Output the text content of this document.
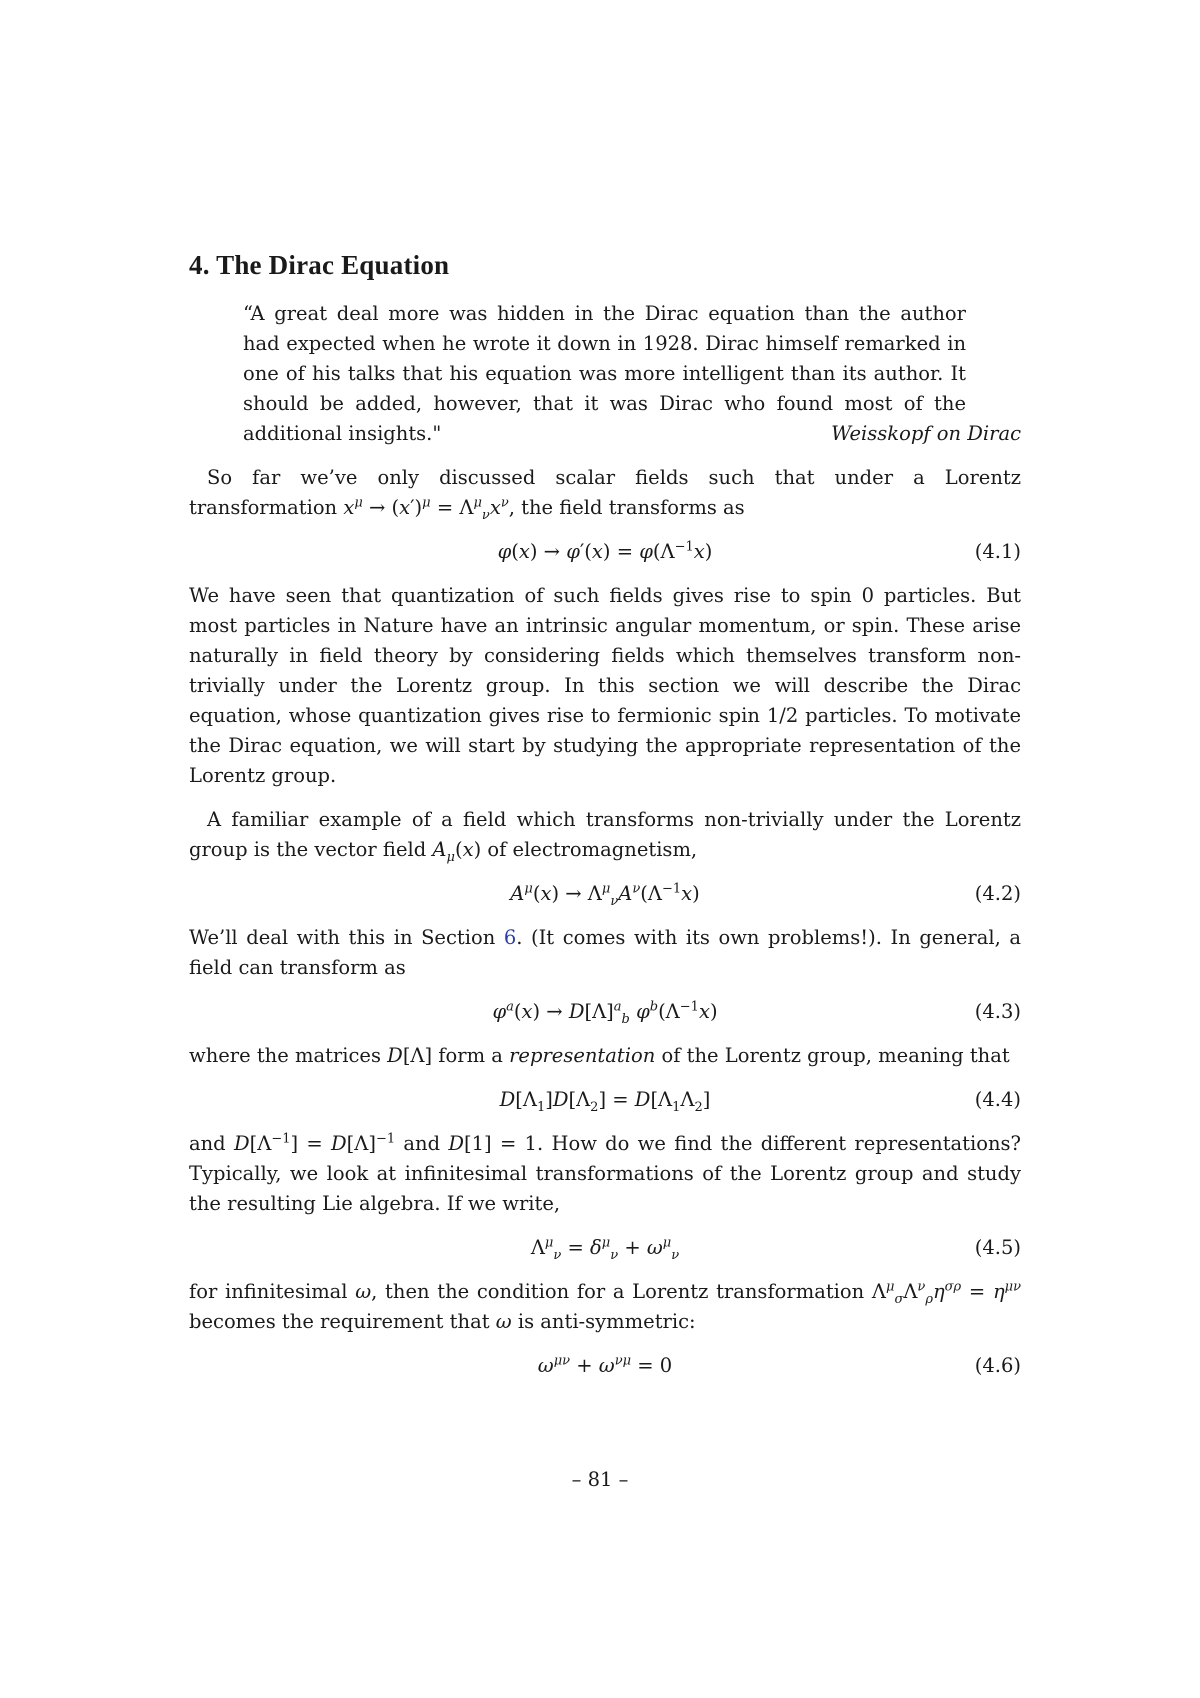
4. The Dirac Equation
“A great deal more was hidden in the Dirac equation than the author had expected when he wrote it down in 1928. Dirac himself remarked in one of his talks that his equation was more intelligent than its author. It should be added, however, that it was Dirac who found most of the additional insights."	Weisskopf on Dirac

So far we’ve only discussed scalar fields such that under a Lorentz transformation $x^\mu \to (x')^\mu = \Lambda^\mu_\nu x^\nu$, the field transforms as

$\varphi(x) \to \varphi'(x) = \varphi(\Lambda^{-1}x)$	(4.1)

We have seen that quantization of such fields gives rise to spin 0 particles. But most particles in Nature have an intrinsic angular momentum, or spin. These arise naturally in field theory by considering fields which themselves transform non-trivially under the Lorentz group. In this section we will describe the Dirac equation, whose quantization gives rise to fermionic spin 1/2 particles. To motivate the Dirac equation, we will start by studying the appropriate representation of the Lorentz group.

A familiar example of a field which transforms non-trivially under the Lorentz group is the vector field $A_\mu(x)$ of electromagnetism,

$A^\mu(x) \to \Lambda^\mu_\nu A^\nu(\Lambda^{-1}x)$	(4.2)

We’ll deal with this in Section 6. (It comes with its own problems!). In general, a field can transform as

$\varphi^a(x) \to D[\Lambda]^a_b$ $\varphi^b(\Lambda^{-1}x)$	(4.3)

where the matrices D[Λ] form a representation of the Lorentz group, meaning that

$D[\Lambda_1]D[\Lambda_2] = D[\Lambda_1\Lambda_2]$	(4.4)

and $D[\Lambda^{-1}] = D[\Lambda]^{-1}$ and D[1] = 1. How do we find the different representations? Typically, we look at infinitesimal transformations of the Lorentz group and study the resulting Lie algebra. If we write,

$\Lambda^\mu_\nu = \delta^\mu_\nu + \omega^\mu_\nu$	(4.5)

for infinitesimal ω, then the condition for a Lorentz transformation $\Lambda^\mu_\sigma\Lambda^\nu_\rho\eta^{\sigma\rho} = \eta^{\mu\nu}$ becomes the requirement that ω is anti-symmetric:

$\omega^{\mu\nu} + \omega^{\nu\mu} = 0$	(4.6)
– 81 –
